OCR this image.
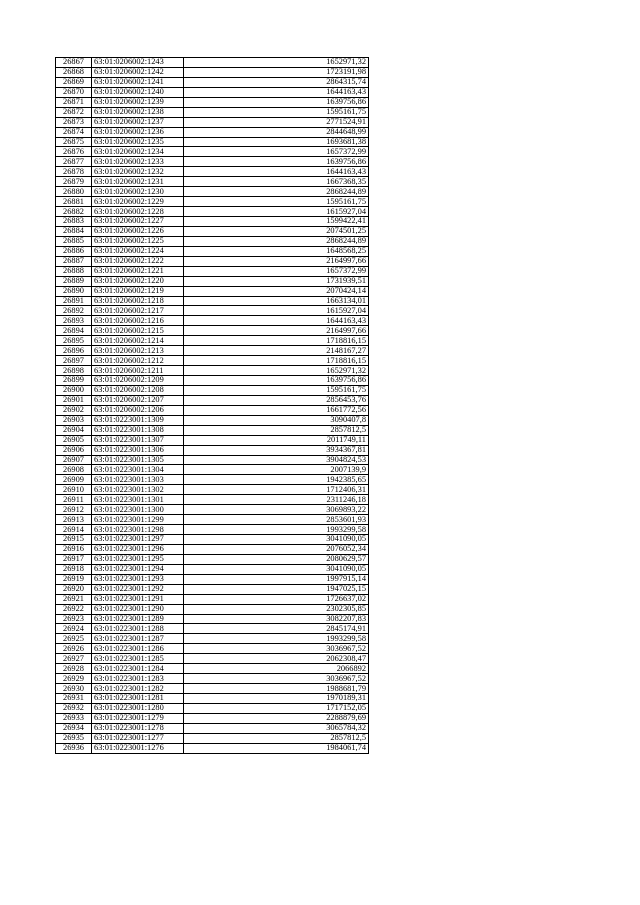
26867	63:01:0206002:1243	1652971,32
26868	63:01:0206002:1242	1723191,98
26869	63:01:0206002:1241	2864315,74
26870	63:01:0206002:1240	1644163,43
26871	63:01:0206002:1239	1639756,86
26872	63:01:0206002:1238	1595161,75
26873	63:01:0206002:1237	2771524,91
26874	63:01:0206002:1236	2844648,99
26875	63:01:0206002:1235	1693681,38
26876	63:01:0206002:1234	1657372,99
26877	63:01:0206002:1233	1639756,86
26878	63:01:0206002:1232	1644163,43
26879	63:01:0206002:1231	1667368,35
26880	63:01:0206002:1230	2868244,89
26881	63:01:0206002:1229	1595161,75
26882	63:01:0206002:1228	1615927,04
26883	63:01:0206002:1227	1599422,41
26884	63:01:0206002:1226	2074501,25
26885	63:01:0206002:1225	2868244,89
26886	63:01:0206002:1224	1648568,25
26887	63:01:0206002:1222	2164997,66
26888	63:01:0206002:1221	1657372,99
26889	63:01:0206002:1220	1731939,51
26890	63:01:0206002:1219	2070424,14
26891	63:01:0206002:1218	1663134,01
26892	63:01:0206002:1217	1615927,04
26893	63:01:0206002:1216	1644163,43
26894	63:01:0206002:1215	2164997,66
26895	63:01:0206002:1214	1718816,15
26896	63:01:0206002:1213	2148167,27
26897	63:01:0206002:1212	1718816,15
26898	63:01:0206002:1211	1652971,32
26899	63:01:0206002:1209	1639756,86
26900	63:01:0206002:1208	1595161,75
26901	63:01:0206002:1207	2856453,76
26902	63:01:0206002:1206	1661772,56
26903	63:01:0223001:1309	3090407,8
26904	63:01:0223001:1308	2857812,5
26905	63:01:0223001:1307	2011749,11
26906	63:01:0223001:1306	3934367,81
26907	63:01:0223001:1305	3904824,53
26908	63:01:0223001:1304	2007139,9
26909	63:01:0223001:1303	1942385,65
26910	63:01:0223001:1302	1712406,31
26911	63:01:0223001:1301	2311246,18
26912	63:01:0223001:1300	3069893,22
26913	63:01:0223001:1299	2853601,93
26914	63:01:0223001:1298	1993299,58
26915	63:01:0223001:1297	3041090,05
26916	63:01:0223001:1296	2076052,34
26917	63:01:0223001:1295	2080629,57
26918	63:01:0223001:1294	3041090,05
26919	63:01:0223001:1293	1997915,14
26920	63:01:0223001:1292	1947025,15
26921	63:01:0223001:1291	1726637,02
26922	63:01:0223001:1290	2302305,85
26923	63:01:0223001:1289	3082207,83
26924	63:01:0223001:1288	2845174,91
26925	63:01:0223001:1287	1993299,58
26926	63:01:0223001:1286	3036967,52
26927	63:01:0223001:1285	2062308,47
26928	63:01:0223001:1284	2066892
26929	63:01:0223001:1283	3036967,52
26930	63:01:0223001:1282	1988681,79
26931	63:01:0223001:1281	1970189,31
26932	63:01:0223001:1280	1717152,05
26933	63:01:0223001:1279	2288879,69
26934	63:01:0223001:1278	3065784,32
26935	63:01:0223001:1277	2857812,5
26936	63:01:0223001:1276	1984061,74
